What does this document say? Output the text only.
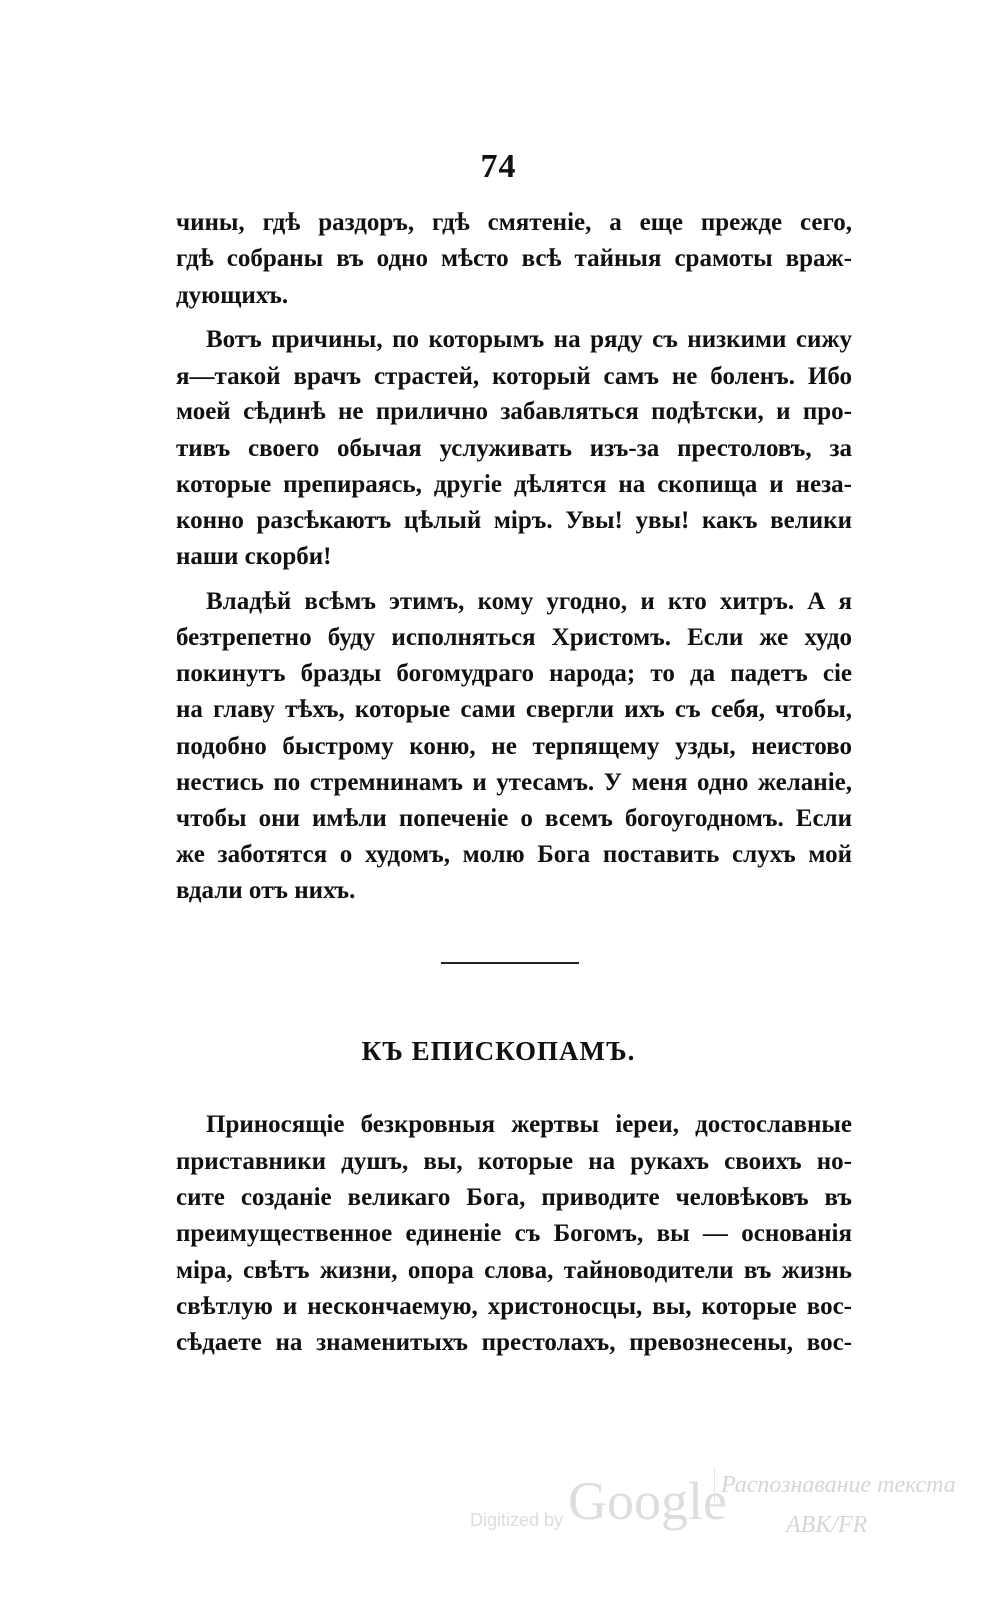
74
чины, гдѣ раздоръ, гдѣ смятеніе, а еще прежде сего,
гдѣ собраны въ одно мѣсто всѣ тайныя срамоты враж-
дующихъ.
Вотъ причины, по которымъ на ряду съ низкими сижу
я—такой врачъ страстей, который самъ не боленъ. Ибо
моей сѣдинѣ не прилично забавляться подѣтски, и про-
тивъ своего обычая услуживать изъ-за престоловъ, за
которые препираясь, другіе дѣлятся на скопища и неза-
конно разсѣкаютъ цѣлый міръ. Увы! увы! какъ велики
наши скорби!
Владѣй всѣмъ этимъ, кому угодно, и кто хитръ. А я
безтрепетно буду исполняться Христомъ. Если же худо
покинутъ бразды богомудраго народа; то да падетъ сіе
на главу тѣхъ, которые сами свергли ихъ съ себя, чтобы,
подобно быстрому коню, не терпящему узды, неистово
нестись по стремнинамъ и утесамъ. У меня одно желаніе,
чтобы они имѣли попеченіе о всемъ богоугодномъ. Если
же заботятся о худомъ, молю Бога поставить слухъ мой
вдали отъ нихъ.
КЪ ЕПИСКОПАМЪ.
Приносящіе безкровныя жертвы іереи, достославные
приставники душъ, вы, которые на рукахъ своихъ но-
сите созданіе великаго Бога, приводите человѣковъ въ
преимущественное единеніе съ Богомъ, вы — основанія
міра, свѣтъ жизни, опора слова, тайноводители въ жизнь
свѣтлую и нескончаемую, христоносцы, вы, которые вос-
сѣдаете на знаменитыхъ престолахъ, превознесены, вос-
Digitized by Google
Распознавание текста
ABK/FR
